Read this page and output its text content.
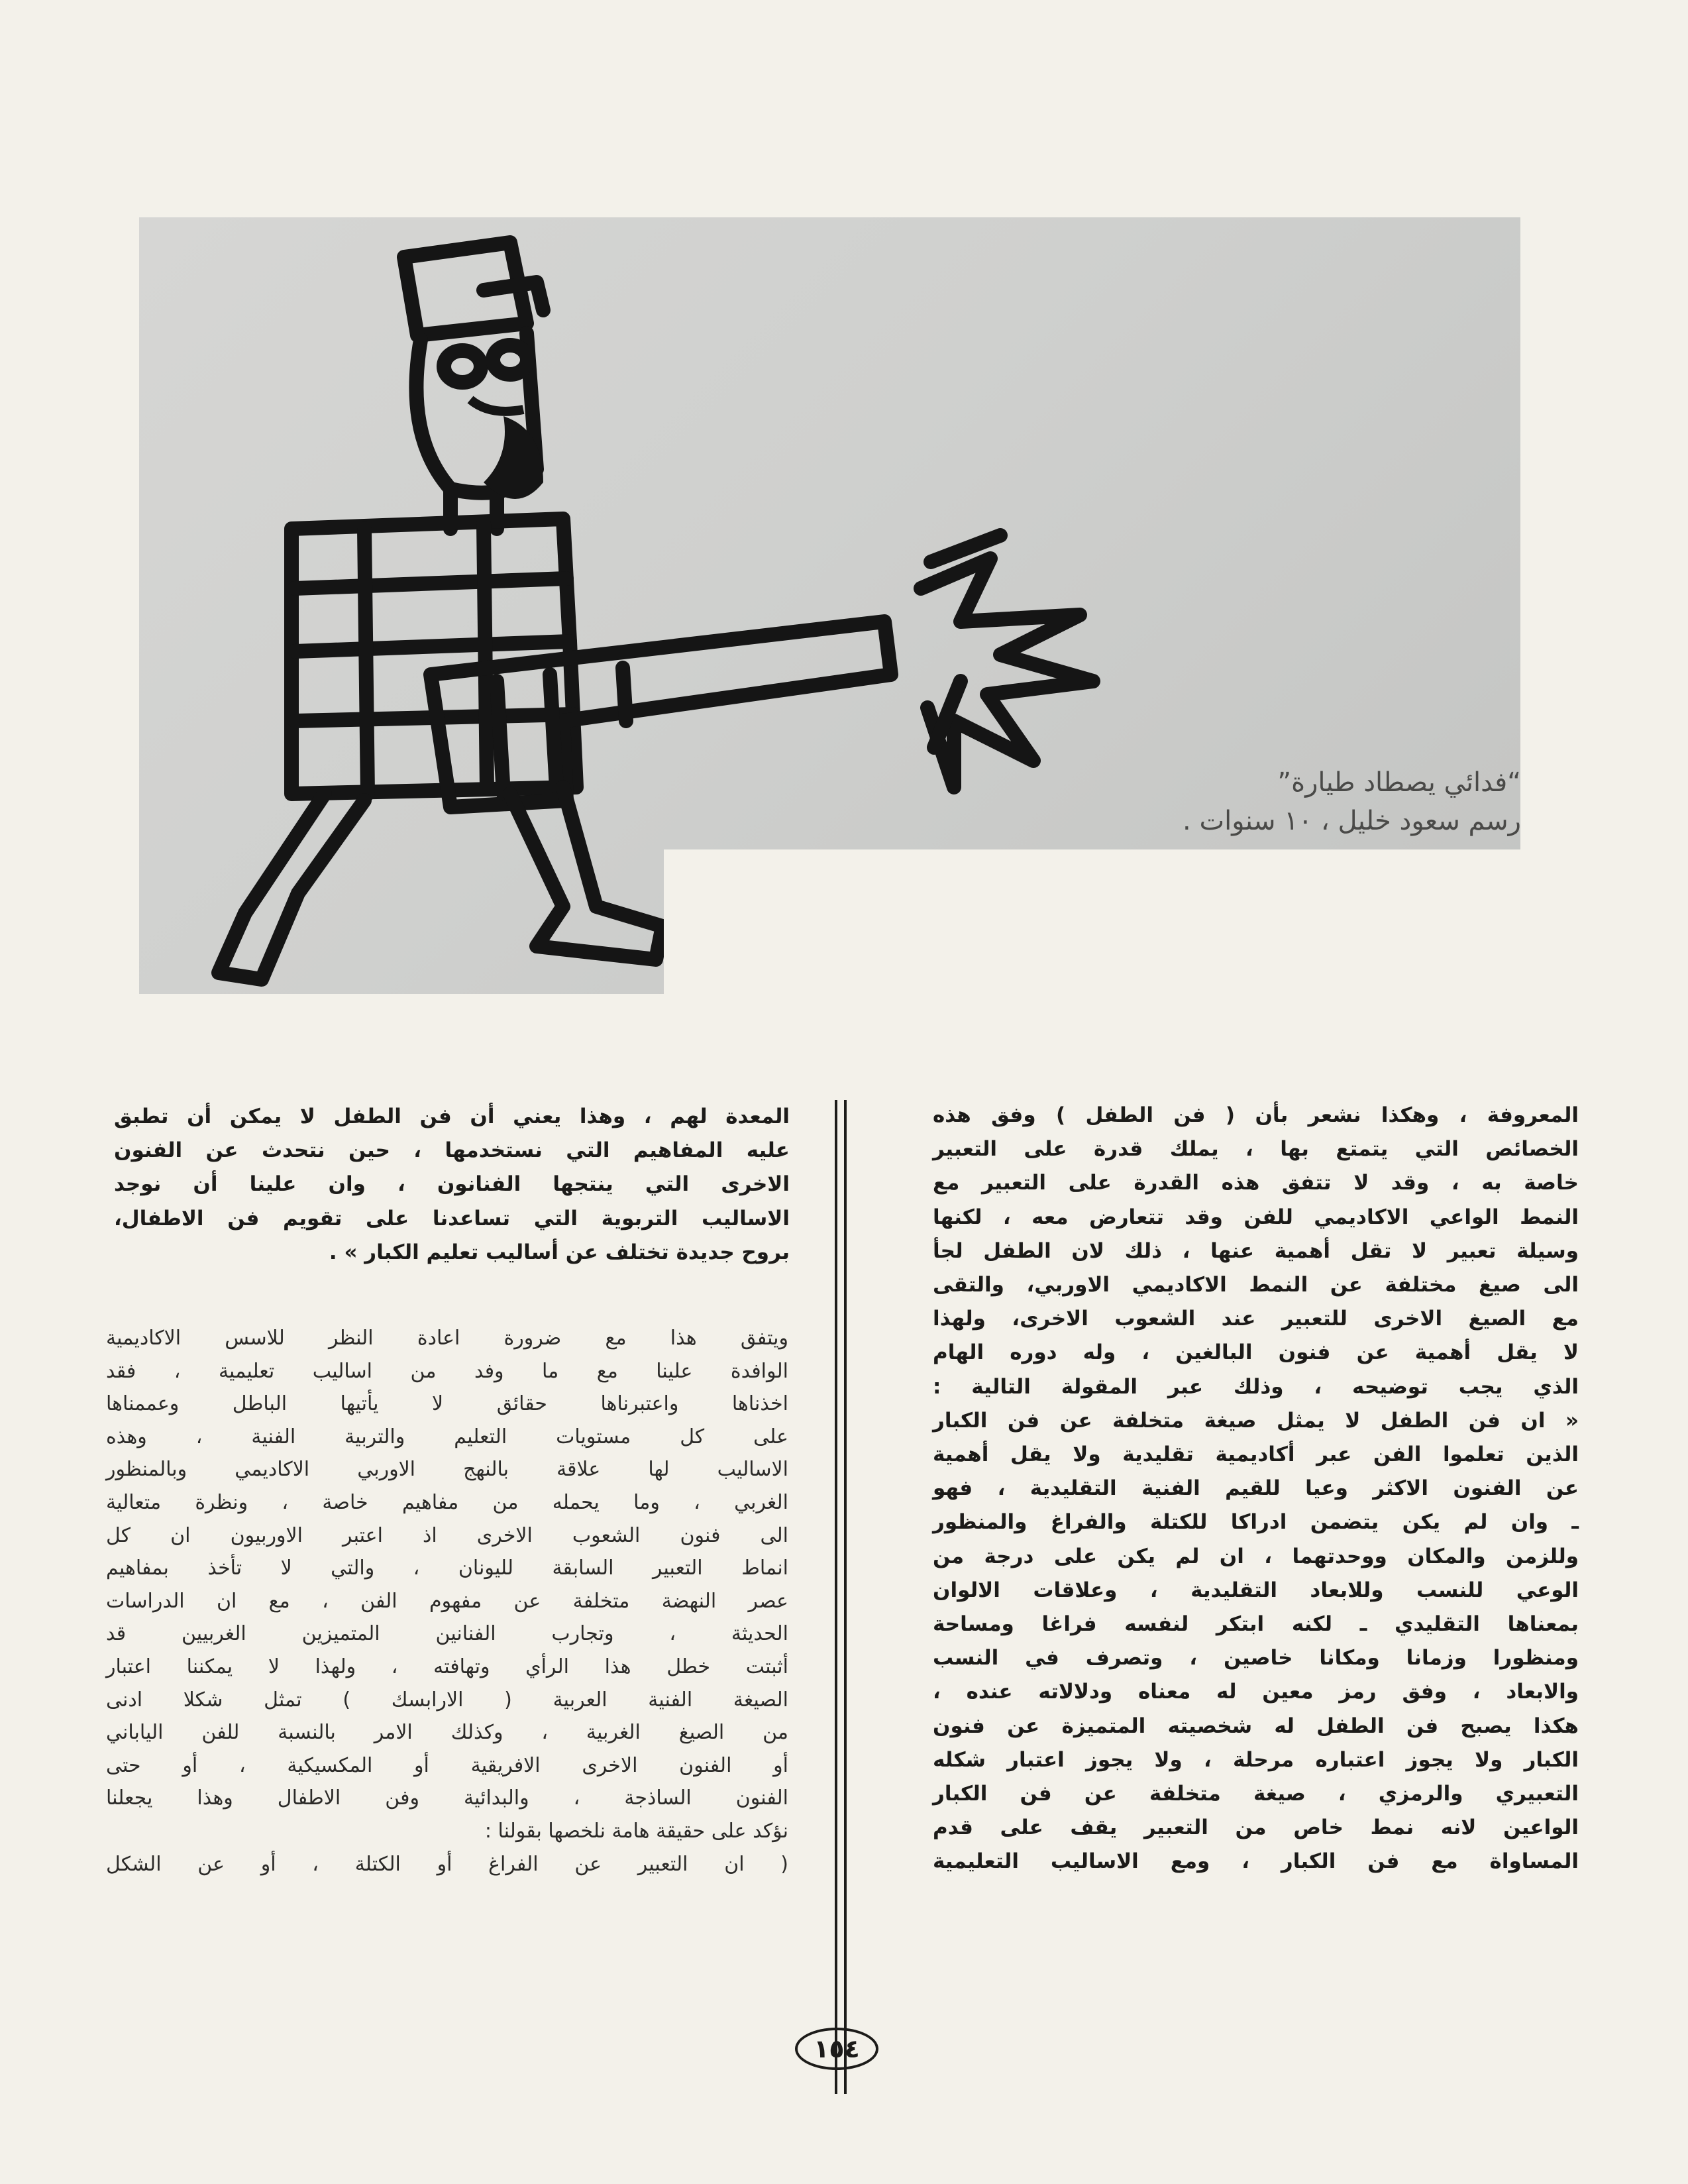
“فدائي يصطاد طيارة”
رسم سعود خليل ، ١٠ سنوات .

المعروفة ، وهكذا نشعر بأن ( فن الطفل ) وفق هذه

الخصائص التي يتمتع بها ، يملك قدرة على التعبير

خاصة به ، وقد لا تتفق هذه القدرة على التعبير مع

النمط الواعي الاكاديمي للفن وقد تتعارض معه ، لكنها

وسيلة تعبير لا تقل أهمية عنها ، ذلك لان الطفل لجأ

الى صيغ مختلفة عن النمط الاكاديمي الاوربي، والتقى

مع الصيغ الاخرى للتعبير عند الشعوب الاخرى، ولهذا

لا يقل أهمية عن فنون البالغين ، وله دوره الهام

الذي يجب توضيحه ، وذلك عبر المقولة التالية :

« ان فن الطفل لا يمثل صيغة متخلفة عن فن الكبار

الذين تعلموا الفن عبر أكاديمية تقليدية ولا يقل أهمية

عن الفنون الاكثر وعيا للقيم الفنية التقليدية ، فهو

ـ وان لم يكن يتضمن ادراكا للكتلة والفراغ والمنظور

وللزمن والمكان ووحدتهما ، ان لم يكن على درجة من

الوعي للنسب وللابعاد التقليدية ، وعلاقات الالوان

بمعناها التقليدي ـ لكنه ابتكر لنفسه فراغا ومساحة

ومنظورا وزمانا ومكانا خاصين ، وتصرف في النسب

والابعاد ، وفق رمز معين له معناه ودلالاته عنده ،

هكذا يصبح فن الطفل له شخصيته المتميزة عن فنون

الكبار ولا يجوز اعتباره مرحلة ، ولا يجوز اعتبار شكله

التعبيري والرمزي ، صيغة متخلفة عن فن الكبار

الواعين لانه نمط خاص من التعبير يقف على قدم

المساواة مع فن الكبار ، ومع الاساليب التعليمية

المعدة لهم ، وهذا يعني أن فن الطفل لا يمكن أن تطبق

عليه المفاهيم التي نستخدمها ، حين نتحدث عن الفنون

الاخرى التي ينتجها الفنانون ، وان علينا أن نوجد

الاساليب التربوية التي تساعدنا على تقويم فن الاطفال،

بروح جديدة تختلف عن أساليب تعليم الكبار » .

ويتفق هذا مع ضرورة اعادة النظر للاسس الاكاديمية

الوافدة علينا مع ما وفد من اساليب تعليمية ، فقد

اخذناها واعتبرناها حقائق لا يأتيها الباطل وعممناها

على كل مستويات التعليم والتربية الفنية ، وهذه

الاساليب لها علاقة بالنهج الاوربي الاكاديمي وبالمنظور

الغربي ، وما يحمله من مفاهيم خاصة ، ونظرة متعالية

الى فنون الشعوب الاخرى اذ اعتبر الاوربيون ان كل

انماط التعبير السابقة لليونان ، والتي لا تأخذ بمفاهيم

عصر النهضة متخلفة عن مفهوم الفن ، مع ان الدراسات

الحديثة ، وتجارب الفنانين المتميزين الغربيين قد

أثبتت خطل هذا الرأي وتهافته ، ولهذا لا يمكننا اعتبار

الصيغة الفنية العربية ( الارابسك ) تمثل شكلا ادنى

من الصيغ الغربية ، وكذلك الامر بالنسبة للفن الياباني

أو الفنون الاخرى الافريقية أو المكسيكية ، أو حتى

الفنون الساذجة ، والبدائية وفن الاطفال وهذا يجعلنا

نؤكد على حقيقة هامة نلخصها بقولنا :

( ان التعبير عن الفراغ أو الكتلة ، أو عن الشكل

١٥٤
